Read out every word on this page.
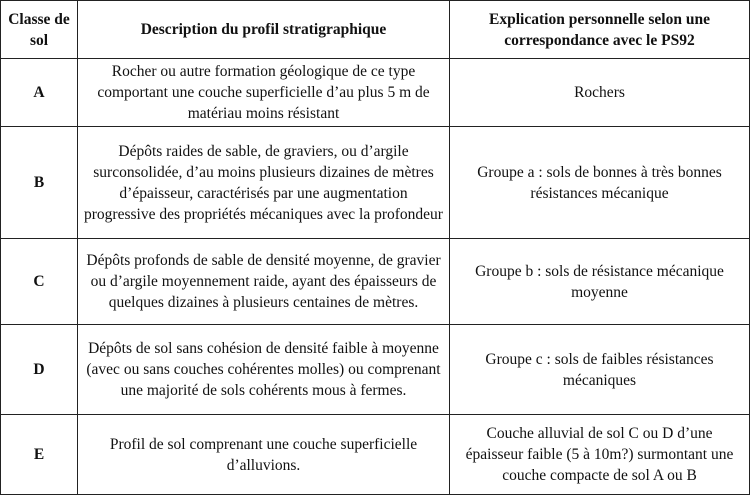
Classe de sol	Description du profil stratigraphique	Explication personnelle selon une correspondance avec le PS92
A	Rocher ou autre formation géologique de ce type comportant une couche superficielle d’au plus 5 m de matériau moins résistant	Rochers
B	Dépôts raides de sable, de graviers, ou d’argile surconsolidée, d’au moins plusieurs dizaines de mètres d’épaisseur, caractérisés par une augmentation progressive des propriétés mécaniques avec la profondeur	Groupe a : sols de bonnes à très bonnes résistances mécanique
C	Dépôts profonds de sable de densité moyenne, de gravier ou d’argile moyennement raide, ayant des épaisseurs de quelques dizaines à plusieurs centaines de mètres.	Groupe b : sols de résistance mécanique moyenne
D	Dépôts de sol sans cohésion de densité faible à moyenne (avec ou sans couches cohérentes molles) ou comprenant une majorité de sols cohérents mous à fermes.	Groupe c : sols de faibles résistances mécaniques
E	Profil de sol comprenant une couche superficielle d’alluvions.	Couche alluvial de sol C ou D d’une épaisseur faible (5 à 10m?) surmontant une couche compacte de sol A ou B
